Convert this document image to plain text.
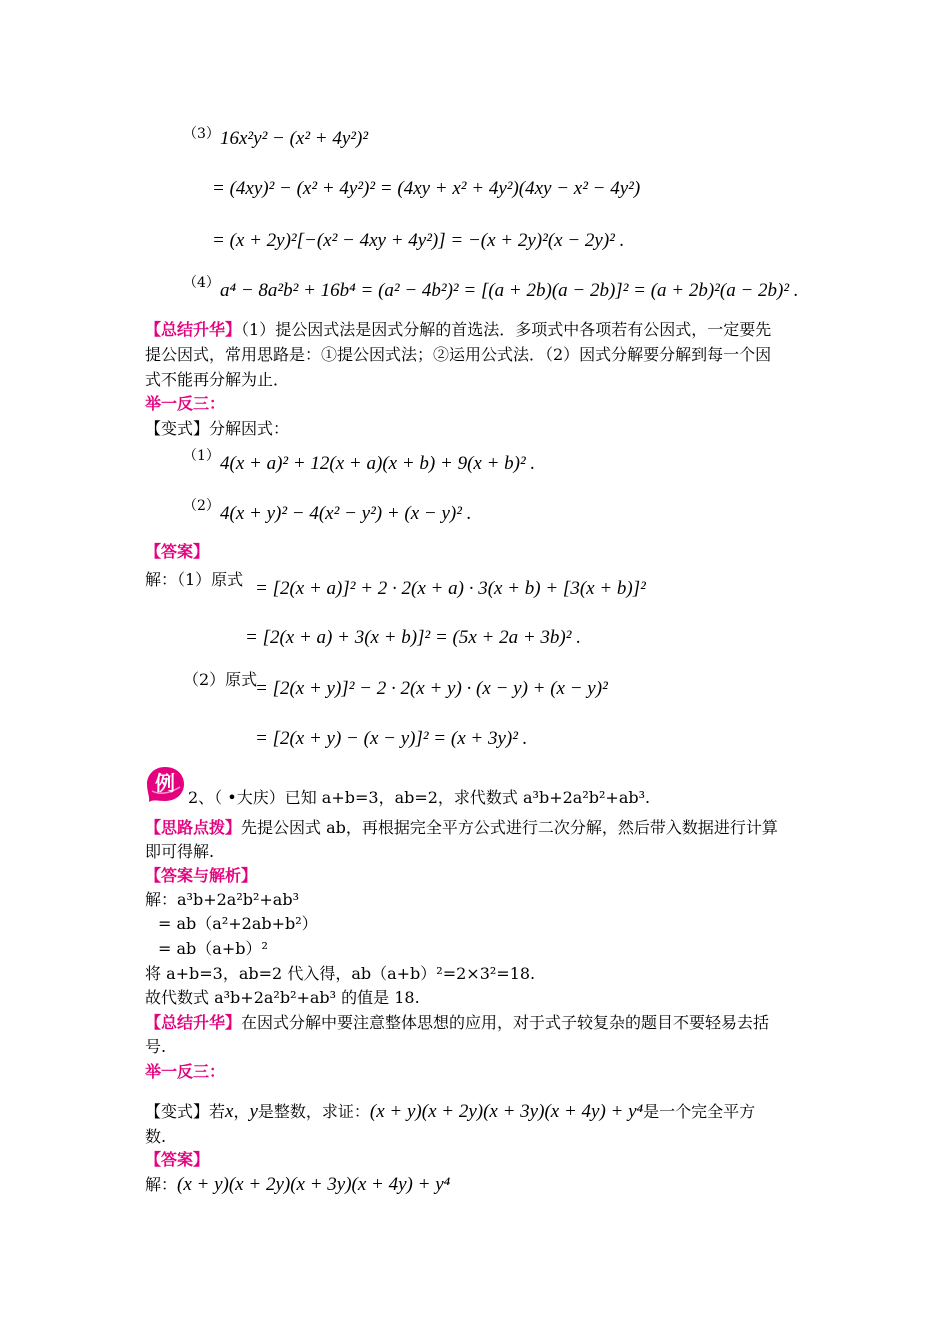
（3） 16x²y² − (x² + 4y²)²
= (4xy)² − (x² + 4y²)² = (4xy + x² + 4y²)(4xy − x² − 4y²)
= (x + 2y)²[−(x² − 4xy + 4y²)] = −(x + 2y)²(x − 2y)² .
（4） a⁴ − 8a²b² + 16b⁴ = (a² − 4b²)² = [(a + 2b)(a − 2b)]² = (a + 2b)²(a − 2b)² .
【总结升华】（1）提公因式法是因式分解的首选法．多项式中各项若有公因式，一定要先
提公因式，常用思路是：①提公因式法；②运用公式法．（2）因式分解要分解到每一个因
式不能再分解为止．
举一反三：
【变式】分解因式：
（1） 4(x + a)² + 12(x + a)(x + b) + 9(x + b)² .
（2） 4(x + y)² − 4(x² − y²) + (x − y)² .
【答案】
解：（1）原式 = [2(x + a)]² + 2 · 2(x + a) · 3(x + b) + [3(x + b)]²
= [2(x + a) + 3(x + b)]² = (5x + 2a + 3b)² .
（2）原式
= [2(x + y)]² − 2 · 2(x + y) · (x − y) + (x − y)²
= [2(x + y) − (x − y)]² = (x + 3y)² .
例
2、（ •大庆）已知 a+b=3，ab=2，求代数式 a³b+2a²b²+ab³.
【思路点拨】先提公因式 ab，再根据完全平方公式进行二次分解，然后带入数据进行计算
即可得解.
【答案与解析】
解：a³b+2a²b²+ab³
= ab（a²+2ab+b²）
= ab（a+b）²
将 a+b=3，ab=2 代入得，ab（a+b）²=2×3²=18.
故代数式 a³b+2a²b²+ab³ 的值是 18.
【总结升华】在因式分解中要注意整体思想的应用，对于式子较复杂的题目不要轻易去括
号.
举一反三：
【变式】若x，y是整数，求证：(x + y)(x + 2y)(x + 3y)(x + 4y) + y⁴是一个完全平方
数.
【答案】
解：(x + y)(x + 2y)(x + 3y)(x + 4y) + y⁴
